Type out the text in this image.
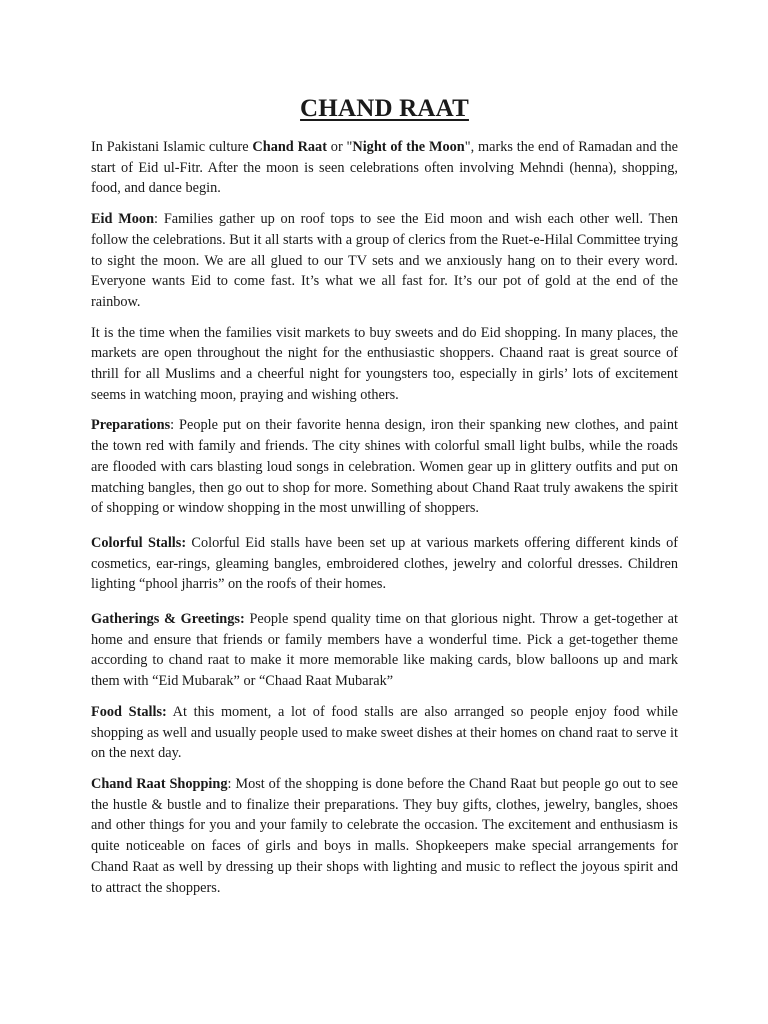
CHAND RAAT

In Pakistani Islamic culture Chand Raat or "Night of the Moon", marks the end of Ramadan and the start of Eid ul-Fitr. After the moon is seen celebrations often involving Mehndi (henna), shopping, food, and dance begin.

Eid Moon: Families gather up on roof tops to see the Eid moon and wish each other well. Then follow the celebrations. But it all starts with a group of clerics from the Ruet-e-Hilal Committee trying to sight the moon. We are all glued to our TV sets and we anxiously hang on to their every word. Everyone wants Eid to come fast. It’s what we all fast for. It’s our pot of gold at the end of the rainbow.

It is the time when the families visit markets to buy sweets and do Eid shopping. In many places, the markets are open throughout the night for the enthusiastic shoppers. Chaand raat is great source of thrill for all Muslims and a cheerful night for youngsters too, especially in girls’ lots of excitement seems in watching moon, praying and wishing others.

Preparations: People put on their favorite henna design, iron their spanking new clothes, and paint the town red with family and friends. The city shines with colorful small light bulbs, while the roads are flooded with cars blasting loud songs in celebration. Women gear up in glittery outfits and put on matching bangles, then go out to shop for more. Something about Chand Raat truly awakens the spirit of shopping or window shopping in the most unwilling of shoppers.

Colorful Stalls: Colorful Eid stalls have been set up at various markets offering different kinds of cosmetics, ear-rings, gleaming bangles, embroidered clothes, jewelry and colorful dresses. Children lighting “phool jharris” on the roofs of their homes.

Gatherings & Greetings: People spend quality time on that glorious night. Throw a get-together at home and ensure that friends or family members have a wonderful time. Pick a get-together theme according to chand raat to make it more memorable like making cards, blow balloons up and mark them with “Eid Mubarak” or “Chaad Raat Mubarak”

Food Stalls: At this moment, a lot of food stalls are also arranged so people enjoy food while shopping as well and usually people used to make sweet dishes at their homes on chand raat to serve it on the next day.

Chand Raat Shopping: Most of the shopping is done before the Chand Raat but people go out to see the hustle & bustle and to finalize their preparations. They buy gifts, clothes, jewelry, bangles, shoes and other things for you and your family to celebrate the occasion. The excitement and enthusiasm is quite noticeable on faces of girls and boys in malls. Shopkeepers make special arrangements for Chand Raat as well by dressing up their shops with lighting and music to reflect the joyous spirit and to attract the shoppers.
